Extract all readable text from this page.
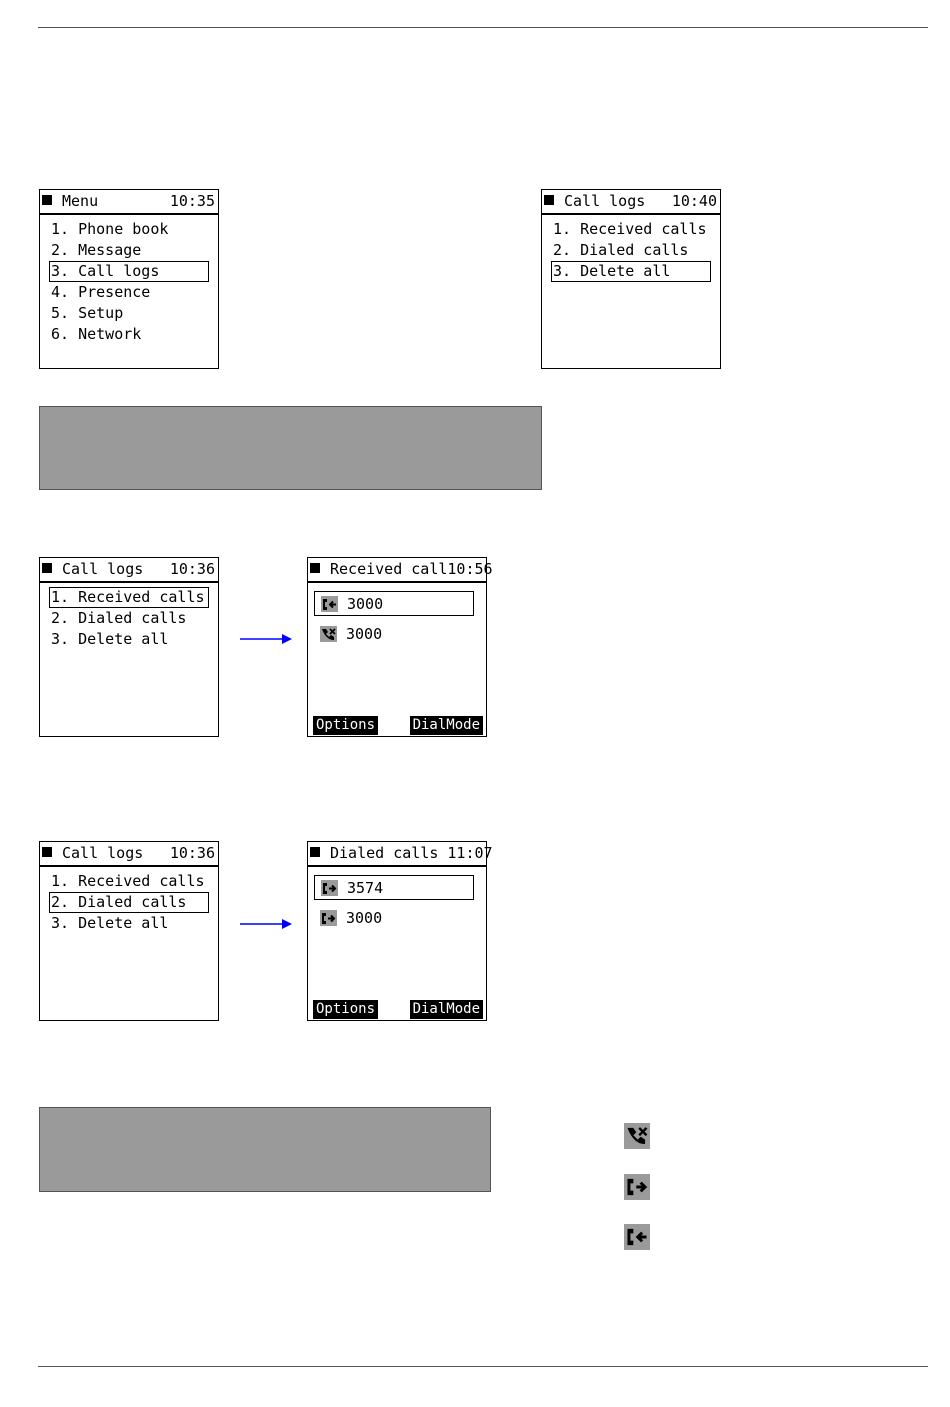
Menu	10:35
1. Phone book
2. Message
3. Call logs
4. Presence
5. Setup
6. Network
Call logs 10:40
1. Received calls
2. Dialed calls
3. Delete all
Call logs 10:36
1. Received calls
2. Dialed calls
3. Delete all
Received call10:56
3000
3000
Options	DialMode
Call logs 10:36
1. Received calls
2. Dialed calls
3. Delete all
Dialed calls 11:07
3574
3000
Options	DialMode
